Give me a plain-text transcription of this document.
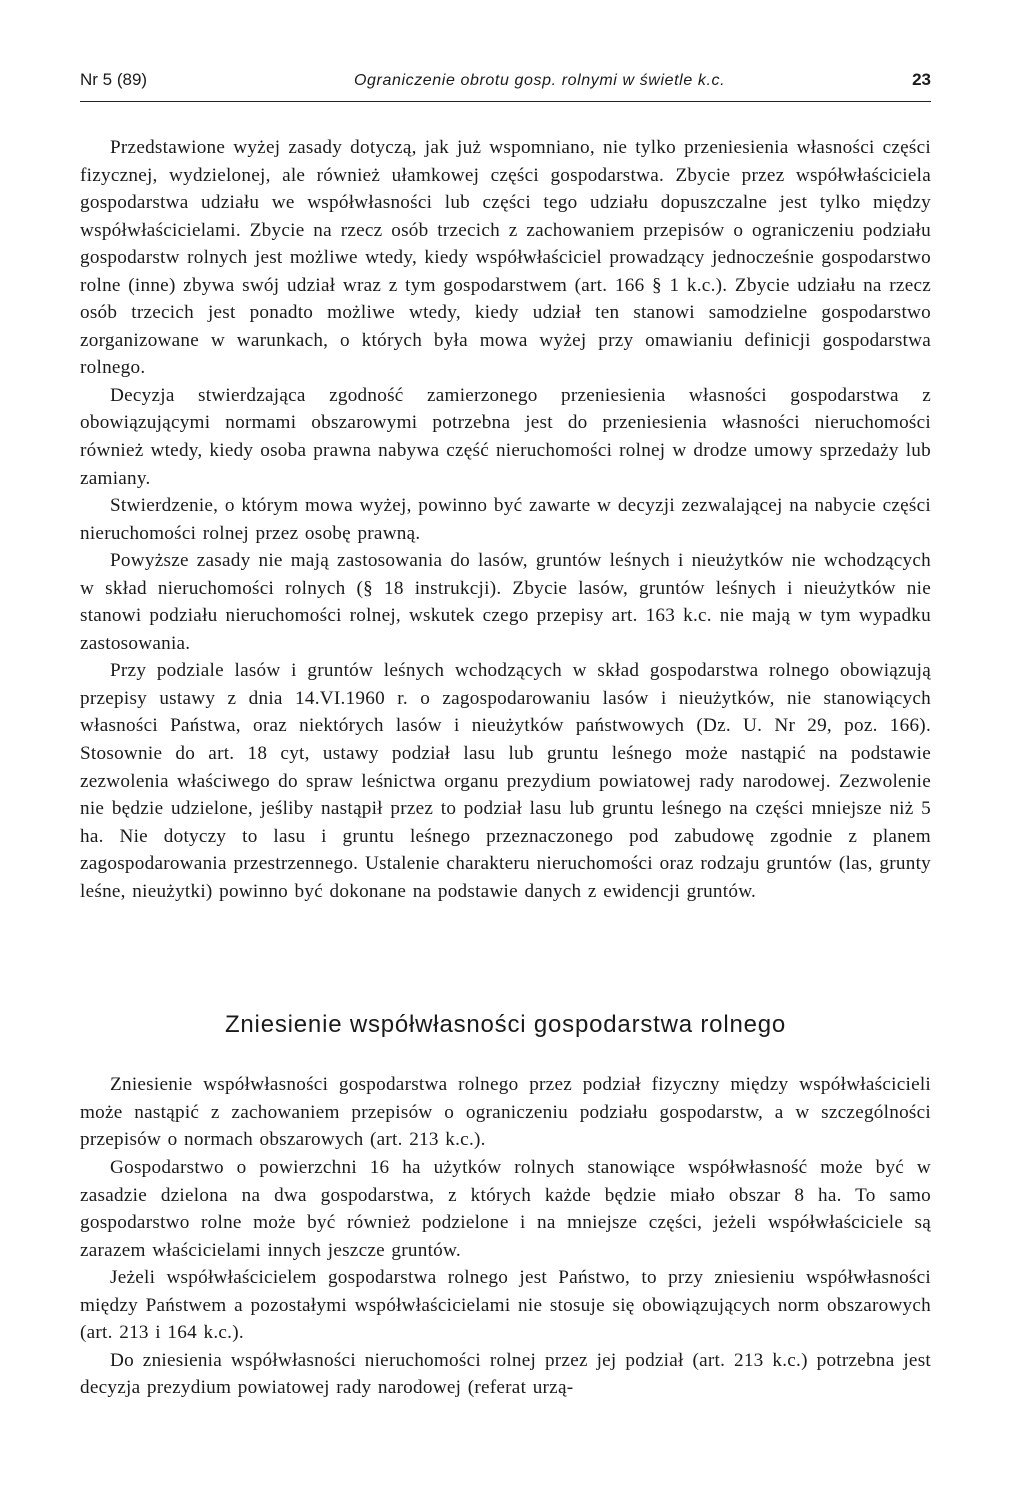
Nr 5 (89)	Ograniczenie obrotu gosp. rolnymi w świetle k.c.	23

Przedstawione wyżej zasady dotyczą, jak już wspomniano, nie tylko przeniesienia własności części fizycznej, wydzielonej, ale również ułamkowej części gospodarstwa. Zbycie przez współwłaściciela gospodarstwa udziału we współwłasności lub części tego udziału dopuszczalne jest tylko między współwłaścicielami. Zbycie na rzecz osób trzecich z zachowaniem przepisów o ograniczeniu podziału gospodarstw rolnych jest możliwe wtedy, kiedy współwłaściciel prowadzący jednocześnie gospodarstwo rolne (inne) zbywa swój udział wraz z tym gospodarstwem (art. 166 § 1 k.c.). Zbycie udziału na rzecz osób trzecich jest ponadto możliwe wtedy, kiedy udział ten stanowi samodzielne gospodarstwo zorganizowane w warunkach, o których była mowa wyżej przy omawianiu definicji gospodarstwa rolnego.

Decyzja stwierdzająca zgodność zamierzonego przeniesienia własności gospodarstwa z obowiązującymi normami obszarowymi potrzebna jest do przeniesienia własności nieruchomości również wtedy, kiedy osoba prawna nabywa część nieruchomości rolnej w drodze umowy sprzedaży lub zamiany.

Stwierdzenie, o którym mowa wyżej, powinno być zawarte w decyzji zezwalającej na nabycie części nieruchomości rolnej przez osobę prawną.

Powyższe zasady nie mają zastosowania do lasów, gruntów leśnych i nieużytków nie wchodzących w skład nieruchomości rolnych (§ 18 instrukcji). Zbycie lasów, gruntów leśnych i nieużytków nie stanowi podziału nieruchomości rolnej, wskutek czego przepisy art. 163 k.c. nie mają w tym wypadku zastosowania.

Przy podziale lasów i gruntów leśnych wchodzących w skład gospodarstwa rolnego obowiązują przepisy ustawy z dnia 14.VI.1960 r. o zagospodarowaniu lasów i nieużytków, nie stanowiących własności Państwa, oraz niektórych lasów i nieużytków państwowych (Dz. U. Nr 29, poz. 166). Stosownie do art. 18 cyt, ustawy podział lasu lub gruntu leśnego może nastąpić na podstawie zezwolenia właściwego do spraw leśnictwa organu prezydium powiatowej rady narodowej. Zezwolenie nie będzie udzielone, jeśliby nastąpił przez to podział lasu lub gruntu leśnego na części mniejsze niż 5 ha. Nie dotyczy to lasu i gruntu leśnego przeznaczonego pod zabudowę zgodnie z planem zagospodarowania przestrzennego. Ustalenie charakteru nieruchomości oraz rodzaju gruntów (las, grunty leśne, nieużytki) powinno być dokonane na podstawie danych z ewidencji gruntów.

Zniesienie współwłasności gospodarstwa rolnego

Zniesienie współwłasności gospodarstwa rolnego przez podział fizyczny między współwłaścicieli może nastąpić z zachowaniem przepisów o ograniczeniu podziału gospodarstw, a w szczególności przepisów o normach obszarowych (art. 213 k.c.).

Gospodarstwo o powierzchni 16 ha użytków rolnych stanowiące współwłasność może być w zasadzie dzielona na dwa gospodarstwa, z których każde będzie miało obszar 8 ha. To samo gospodarstwo rolne może być również podzielone i na mniejsze części, jeżeli współwłaściciele są zarazem właścicielami innych jeszcze gruntów.

Jeżeli współwłaścicielem gospodarstwa rolnego jest Państwo, to przy zniesieniu współwłasności między Państwem a pozostałymi współwłaścicielami nie stosuje się obowiązujących norm obszarowych (art. 213 i 164 k.c.).

Do zniesienia współwłasności nieruchomości rolnej przez jej podział (art. 213 k.c.) potrzebna jest decyzja prezydium powiatowej rady narodowej (referat urzą-
